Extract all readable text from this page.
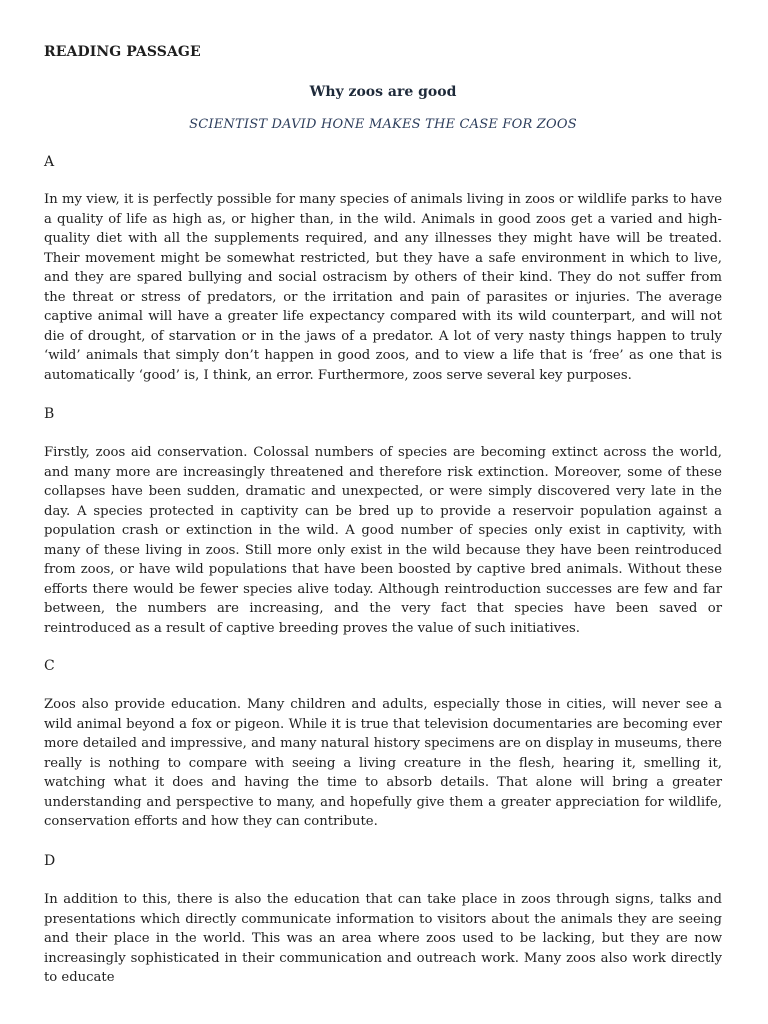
READING PASSAGE
Why zoos are good
SCIENTIST DAVID HONE MAKES THE CASE FOR ZOOS
A
In my view, it is perfectly possible for many species of animals living in zoos or wildlife parks to have a quality of life as high as, or higher than, in the wild. Animals in good zoos get a varied and high-quality diet with all the supplements required, and any illnesses they might have will be treated. Their movement might be somewhat restricted, but they have a safe environment in which to live, and they are spared bullying and social ostracism by others of their kind. They do not suffer from the threat or stress of predators, or the irritation and pain of parasites or injuries. The average captive animal will have a greater life expectancy compared with its wild counterpart, and will not die of drought, of starvation or in the jaws of a predator. A lot of very nasty things happen to truly ‘wild’ animals that simply don’t happen in good zoos, and to view a life that is ‘free’ as one that is automatically ‘good’ is, I think, an error. Furthermore, zoos serve several key purposes.
B
Firstly, zoos aid conservation. Colossal numbers of species are becoming extinct across the world, and many more are increasingly threatened and therefore risk extinction. Moreover, some of these collapses have been sudden, dramatic and unexpected, or were simply discovered very late in the day. A species protected in captivity can be bred up to provide a reservoir population against a population crash or extinction in the wild. A good number of species only exist in captivity, with many of these living in zoos. Still more only exist in the wild because they have been reintroduced from zoos, or have wild populations that have been boosted by captive bred animals. Without these efforts there would be fewer species alive today. Although reintroduction successes are few and far between, the numbers are increasing, and the very fact that species have been saved or reintroduced as a result of captive breeding proves the value of such initiatives.
C
Zoos also provide education. Many children and adults, especially those in cities, will never see a wild animal beyond a fox or pigeon. While it is true that television documentaries are becoming ever more detailed and impressive, and many natural history specimens are on display in museums, there really is nothing to compare with seeing a living creature in the flesh, hearing it, smelling it, watching what it does and having the time to absorb details. That alone will bring a greater understanding and perspective to many, and hopefully give them a greater appreciation for wildlife, conservation efforts and how they can contribute.
D
In addition to this, there is also the education that can take place in zoos through signs, talks and presentations which directly communicate information to visitors about the animals they are seeing and their place in the world. This was an area where zoos used to be lacking, but they are now increasingly sophisticated in their communication and outreach work. Many zoos also work directly to educate
